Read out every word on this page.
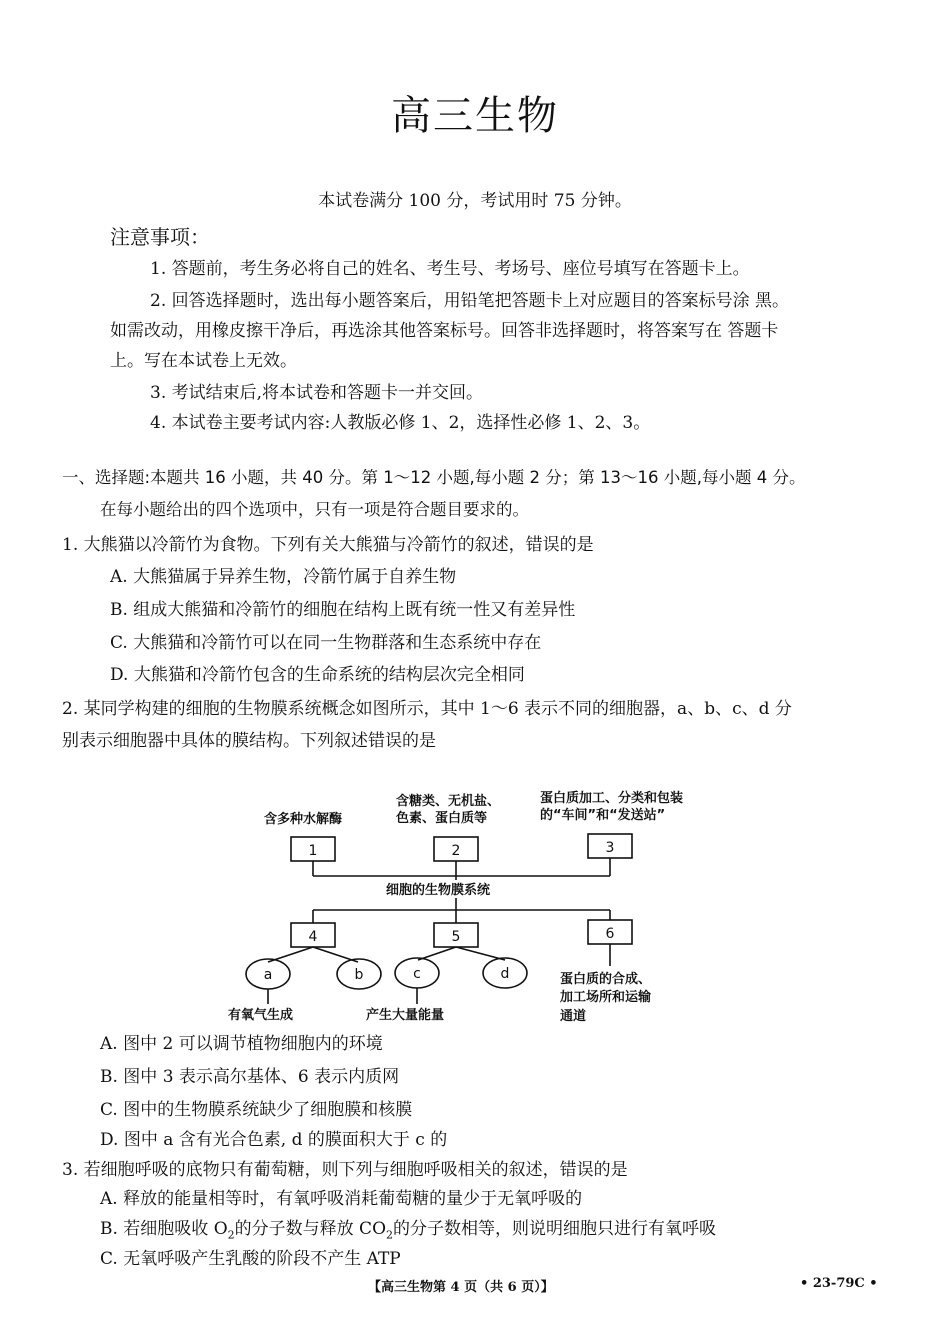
高三生物
本试卷满分 100 分，考试用时 75 分钟。
注意事项：
1. 答题前，考生务必将自己的姓名、考生号、考场号、座位号填写在答题卡上。
2. 回答选择题时，选出每小题答案后，用铅笔把答题卡上对应题目的答案标号涂 黑。
如需改动，用橡皮擦干净后，再选涂其他答案标号。回答非选择题时，将答案写在 答题卡
上。写在本试卷上无效。
3. 考试结束后,将本试卷和答题卡一并交回。
4. 本试卷主要考试内容:人教版必修 1、2，选择性必修 1、2、3。
一、选择题:本题共 16 小题，共 40 分。第 1～12 小题,每小题 2 分；第 13～16 小题,每小题 4 分。
在每小题给出的四个选项中，只有一项是符合题目要求的。
1. 大熊猫以冷箭竹为食物。下列有关大熊猫与冷箭竹的叙述，错误的是
A. 大熊猫属于异养生物，冷箭竹属于自养生物
B. 组成大熊猫和冷箭竹的细胞在结构上既有统一性又有差异性
C. 大熊猫和冷箭竹可以在同一生物群落和生态系统中存在
D. 大熊猫和冷箭竹包含的生命系统的结构层次完全相同
2. 某同学构建的细胞的生物膜系统概念如图所示，其中 1～6 表示不同的细胞器，a、b、c、d 分
别表示细胞器中具体的膜结构。下列叙述错误的是
含多种水解酶
含糖类、无机盐、
色素、蛋白质等
蛋白质加工、分类和包装
的“车间”和“发送站”
细胞的生物膜系统
蛋白质的合成、
加工场所和运输
通道
有氧气生成	产生大量能量
1	2	3
4	5	6
a	b	c	d
A. 图中 2 可以调节植物细胞内的环境
B. 图中 3 表示高尔基体、6 表示内质网
C. 图中的生物膜系统缺少了细胞膜和核膜
D. 图中 a 含有光合色素, d 的膜面积大于 c 的
3. 若细胞呼吸的底物只有葡萄糖，则下列与细胞呼吸相关的叙述，错误的是
A. 释放的能量相等时，有氧呼吸消耗葡萄糖的量少于无氧呼吸的
B. 若细胞吸收 $O_2$的分子数与释放 $CO_2$的分子数相等，则说明细胞只进行有氧呼吸
C. 无氧呼吸产生乳酸的阶段不产生 ATP
【高三生物第 4 页（共 6 页）】	• 23-79C •
